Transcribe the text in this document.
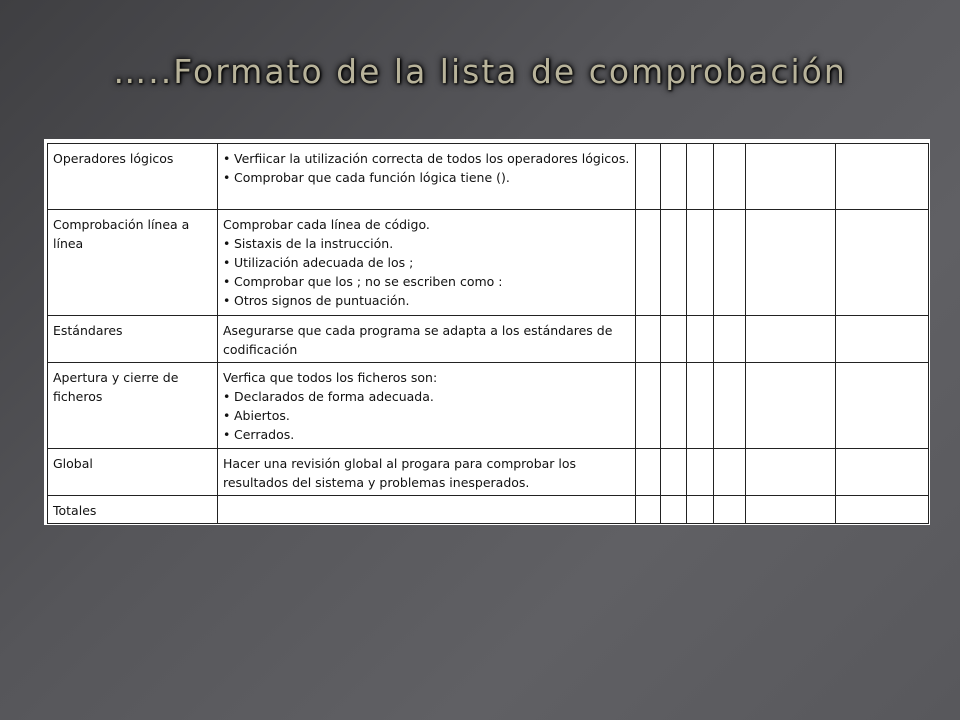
…..Formato de la lista de comprobación
Operadores lógicos	• Verfiicar la utilización correcta de todos los operadores lógicos.
• Comprobar que cada función lógica tiene ().

Comprobación línea a línea	Comprobar cada línea de código.
• Sistaxis de la instrucción.
• Utilización adecuada de los ;
• Comprobar que los ; no se escriben como :
• Otros signos de puntuación.

Estándares	Asegurarse que cada programa se adapta a los estándares de codificación						

Apertura y cierre de ficheros	Verfica que todos los ficheros son:
• Declarados de forma adecuada.
• Abiertos.
• Cerrados.

Global	Hacer una revisión global al progara para comprobar los resultados del sistema y problemas inesperados.						

Totales							
